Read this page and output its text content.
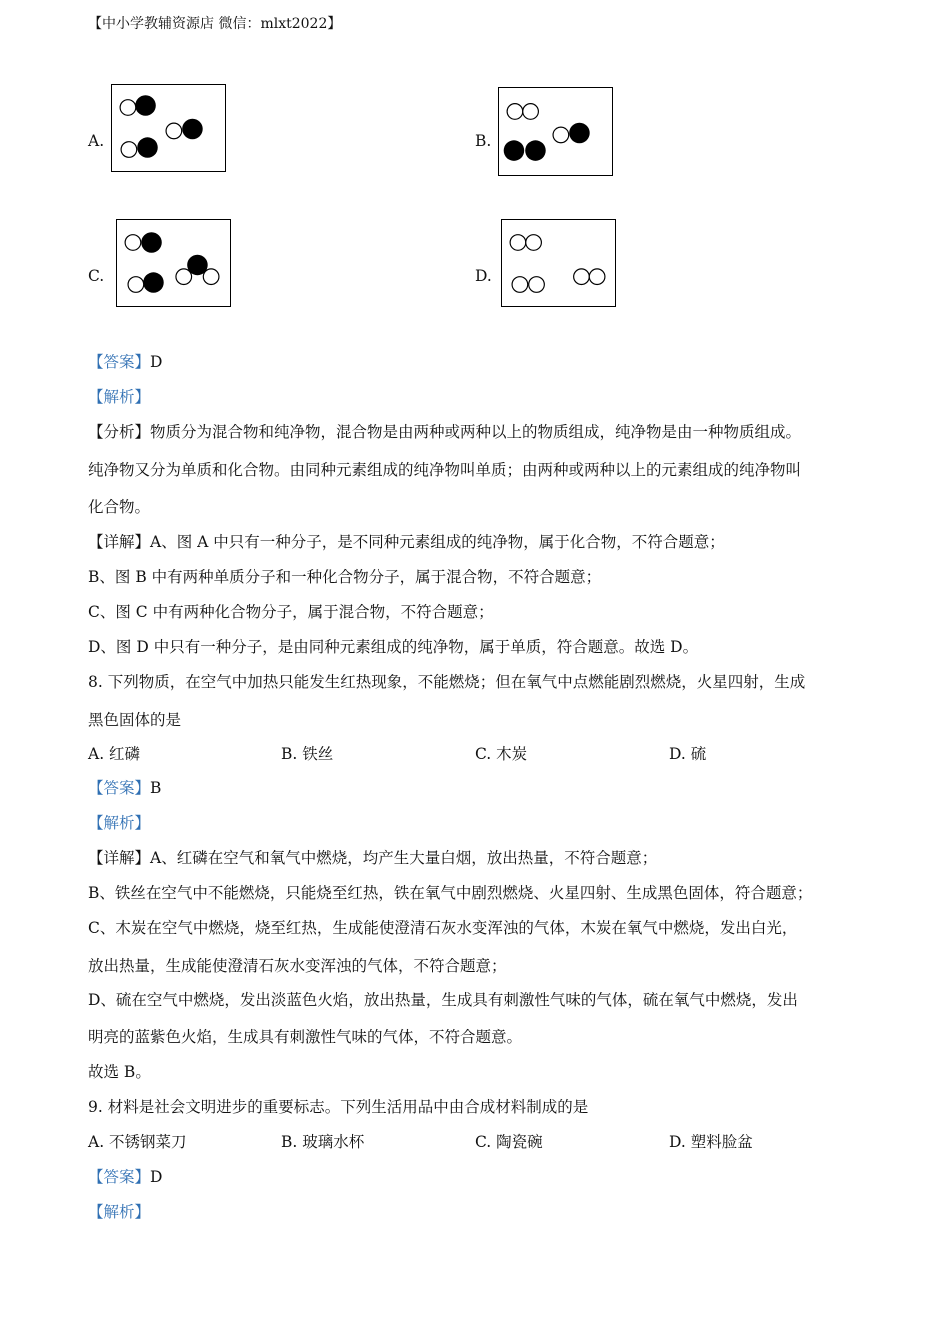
【中小学教辅资源店 微信：mlxt2022】
A.	B.
C.	D.
【答案】D
【解析】
【分析】物质分为混合物和纯净物，混合物是由两种或两种以上的物质组成，纯净物是由一种物质组成。
纯净物又分为单质和化合物。由同种元素组成的纯净物叫单质；由两种或两种以上的元素组成的纯净物叫
化合物。
【详解】A、图 A 中只有一种分子，是不同种元素组成的纯净物，属于化合物，不符合题意；
B、图 B 中有两种单质分子和一种化合物分子，属于混合物，不符合题意；
C、图 C 中有两种化合物分子，属于混合物，不符合题意；
D、图 D 中只有一种分子，是由同种元素组成的纯净物，属于单质，符合题意。故选 D。
8. 下列物质，在空气中加热只能发生红热现象，不能燃烧；但在氧气中点燃能剧烈燃烧，火星四射，生成
黑色固体的是
A. 红磷	B. 铁丝	C. 木炭	D. 硫
【答案】B
【解析】
【详解】A、红磷在空气和氧气中燃烧，均产生大量白烟，放出热量，不符合题意；
B、铁丝在空气中不能燃烧，只能烧至红热，铁在氧气中剧烈燃烧、火星四射、生成黑色固体，符合题意；
C、木炭在空气中燃烧，烧至红热，生成能使澄清石灰水变浑浊的气体，木炭在氧气中燃烧，发出白光，
放出热量，生成能使澄清石灰水变浑浊的气体，不符合题意；
D、硫在空气中燃烧，发出淡蓝色火焰，放出热量，生成具有刺激性气味的气体，硫在氧气中燃烧，发出
明亮的蓝紫色火焰，生成具有刺激性气味的气体，不符合题意。
故选 B。
9. 材料是社会文明进步的重要标志。下列生活用品中由合成材料制成的是
A. 不锈钢菜刀	B. 玻璃水杯	C. 陶瓷碗	D. 塑料脸盆
【答案】D
【解析】
